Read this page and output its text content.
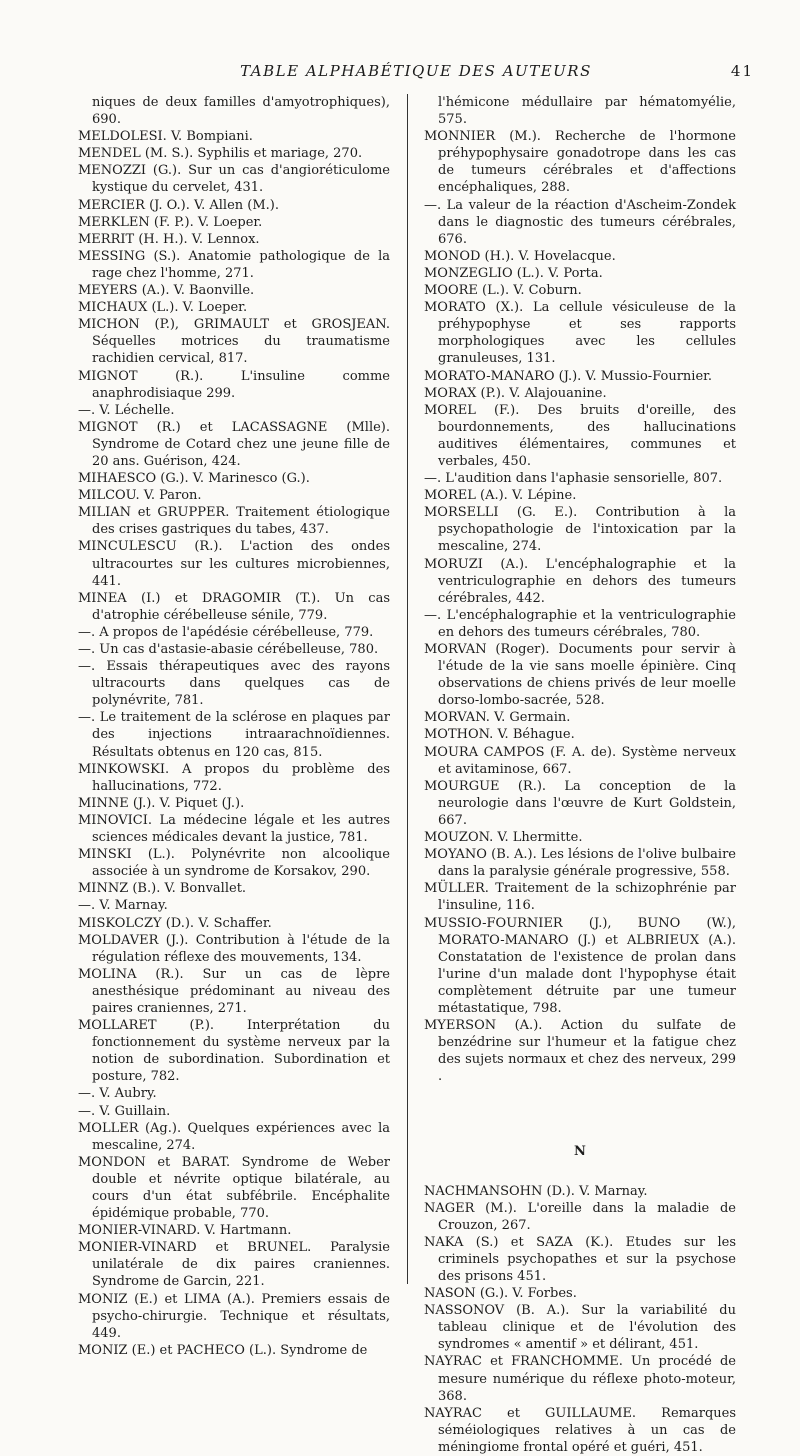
TABLE ALPHABÉTIQUE DES AUTEURS	41

niques de deux familles d'amyotrophiques), 690.

MELDOLESI. V. Bompiani.

MENDEL (M. S.). Syphilis et mariage, 270.

MENOZZI (G.). Sur un cas d'angioréticulome kystique du cervelet, 431.

MERCIER (J. O.). V. Allen (M.).

MERKLEN (F. P.). V. Loeper.

MERRIT (H. H.). V. Lennox.

MESSING (S.). Anatomie pathologique de la rage chez l'homme, 271.

MEYERS (A.). V. Baonville.

MICHAUX (L.). V. Loeper.

MICHON (P.), GRIMAULT et GROSJEAN. Séquelles motrices du traumatisme rachidien cervical, 817.

MIGNOT (R.). L'insuline comme anaphrodisiaque 299.

—. V. Léchelle.

MIGNOT (R.) et LACASSAGNE (Mlle). Syndrome de Cotard chez une jeune fille de 20 ans. Guérison, 424.

MIHAESCO (G.). V. Marinesco (G.).

MILCOU. V. Paron.

MILIAN et GRUPPER. Traitement étiologique des crises gastriques du tabes, 437.

MINCULESCU (R.). L'action des ondes ultracourtes sur les cultures microbiennes, 441.

MINEA (I.) et DRAGOMIR (T.). Un cas d'atrophie cérébelleuse sénile, 779.

—. A propos de l'apédésie cérébelleuse, 779.

—. Un cas d'astasie-abasie cérébelleuse, 780.

—. Essais thérapeutiques avec des rayons ultracourts dans quelques cas de polynévrite, 781.

—. Le traitement de la sclérose en plaques par des injections intraarachnoïdiennes. Résultats obtenus en 120 cas, 815.

MINKOWSKI. A propos du problème des hallucinations, 772.

MINNE (J.). V. Piquet (J.).

MINOVICI. La médecine légale et les autres sciences médicales devant la justice, 781.

MINSKI (L.). Polynévrite non alcoolique associée à un syndrome de Korsakov, 290.

MINNZ (B.). V. Bonvallet.

—. V. Marnay.

MISKOLCZY (D.). V. Schaffer.

MOLDAVER (J.). Contribution à l'étude de la régulation réflexe des mouvements, 134.

MOLINA (R.). Sur un cas de lèpre anesthésique prédominant au niveau des paires craniennes, 271.

MOLLARET (P.). Interprétation du fonctionnement du système nerveux par la notion de subordination. Subordination et posture, 782.

—. V. Aubry.

—. V. Guillain.

MOLLER (Ag.). Quelques expériences avec la mescaline, 274.

MONDON et BARAT. Syndrome de Weber double et névrite optique bilatérale, au cours d'un état subfébrile. Encéphalite épidémique probable, 770.

MONIER-VINARD. V. Hartmann.

MONIER-VINARD et BRUNEL. Paralysie unilatérale de dix paires craniennes. Syndrome de Garcin, 221.

MONIZ (E.) et LIMA (A.). Premiers essais de psycho-chirurgie. Technique et résultats, 449.

MONIZ (E.) et PACHECO (L.). Syndrome de

l'hémicone médullaire par hématomyélie, 575.

MONNIER (M.). Recherche de l'hormone préhypophysaire gonadotrope dans les cas de tumeurs cérébrales et d'affections encéphaliques, 288.

—. La valeur de la réaction d'Ascheim-Zondek dans le diagnostic des tumeurs cérébrales, 676.

MONOD (H.). V. Hovelacque.

MONZEGLIO (L.). V. Porta.

MOORE (L.). V. Coburn.

MORATO (X.). La cellule vésiculeuse de la préhypophyse et ses rapports morphologiques avec les cellules granuleuses, 131.

MORATO-MANARO (J.). V. Mussio-Fournier.

MORAX (P.). V. Alajouanine.

MOREL (F.). Des bruits d'oreille, des bourdonnements, des hallucinations auditives élémentaires, communes et verbales, 450.

—. L'audition dans l'aphasie sensorielle, 807.

MOREL (A.). V. Lépine.

MORSELLI (G. E.). Contribution à la psychopathologie de l'intoxication par la mescaline, 274.

MORUZI (A.). L'encéphalographie et la ventriculographie en dehors des tumeurs cérébrales, 442.

—. L'encéphalographie et la ventriculographie en dehors des tumeurs cérébrales, 780.

MORVAN (Roger). Documents pour servir à l'étude de la vie sans moelle épinière. Cinq observations de chiens privés de leur moelle dorso-lombo-sacrée, 528.

MORVAN. V. Germain.

MOTHON. V. Béhague.

MOURA CAMPOS (F. A. de). Système nerveux et avitaminose, 667.

MOURGUE (R.). La conception de la neurologie dans l'œuvre de Kurt Goldstein, 667.

MOUZON. V. Lhermitte.

MOYANO (B. A.). Les lésions de l'olive bulbaire dans la paralysie générale progressive, 558.

MÜLLER. Traitement de la schizophrénie par l'insuline, 116.

MUSSIO-FOURNIER (J.), BUNO (W.), MORATO-MANARO (J.) et ALBRIEUX (A.). Constatation de l'existence de prolan dans l'urine d'un malade dont l'hypophyse était complètement détruite par une tumeur métastatique, 798.

MYERSON (A.). Action du sulfate de benzédrine sur l'humeur et la fatigue chez des sujets normaux et chez des nerveux, 299 .

N

NACHMANSOHN (D.). V. Marnay.

NAGER (M.). L'oreille dans la maladie de Crouzon, 267.

NAKA (S.) et SAZA (K.). Etudes sur les criminels psychopathes et sur la psychose des prisons 451.

NASON (G.). V. Forbes.

NASSONOV (B. A.). Sur la variabilité du tableau clinique et de l'évolution des syndromes « amentif » et délirant, 451.

NAYRAC et FRANCHOMME. Un procédé de mesure numérique du réflexe photo-moteur, 368.

NAYRAC et GUILLAUME. Remarques séméiologiques relatives à un cas de méningiome frontal opéré et guéri, 451.
